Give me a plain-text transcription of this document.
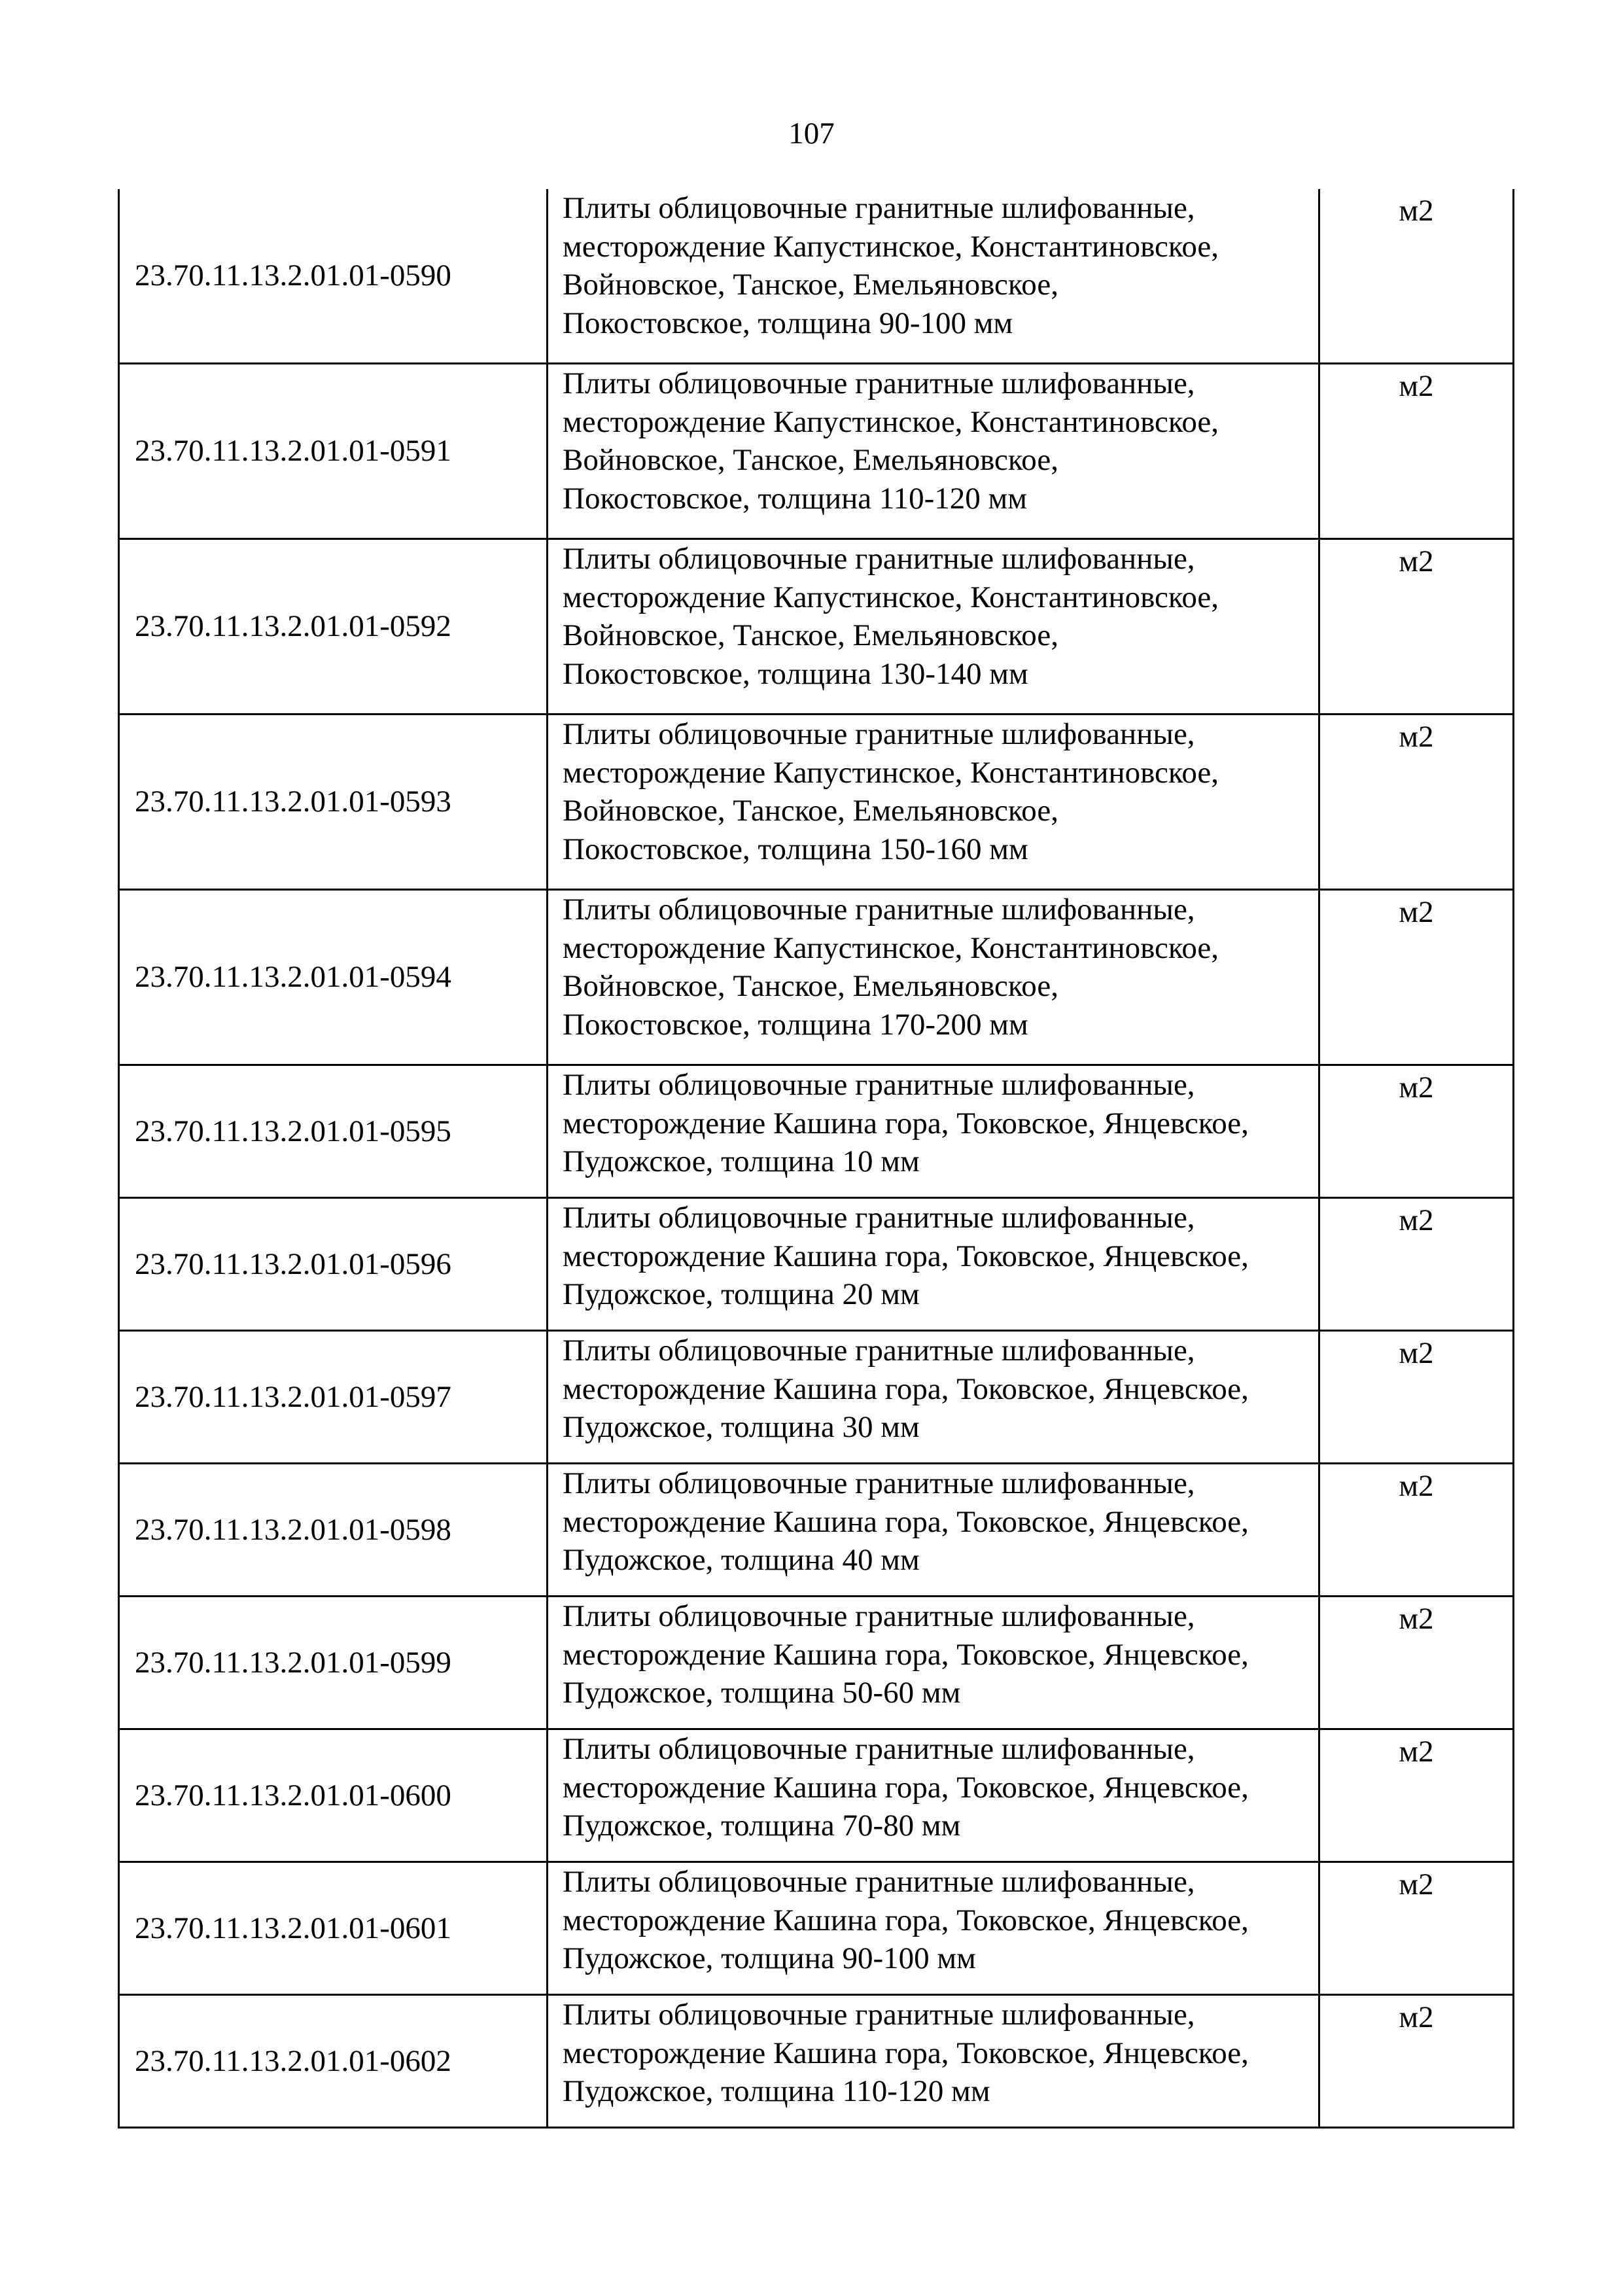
107
23.70.11.13.2.01.01-0590	Плиты облицовочные гранитные шлифованные,
месторождение Капустинское, Константиновское,
Войновское, Танское, Емельяновское,
Покостовское, толщина 90-100 мм	м2
23.70.11.13.2.01.01-0591	Плиты облицовочные гранитные шлифованные,
месторождение Капустинское, Константиновское,
Войновское, Танское, Емельяновское,
Покостовское, толщина 110-120 мм	м2
23.70.11.13.2.01.01-0592	Плиты облицовочные гранитные шлифованные,
месторождение Капустинское, Константиновское,
Войновское, Танское, Емельяновское,
Покостовское, толщина 130-140 мм	м2
23.70.11.13.2.01.01-0593	Плиты облицовочные гранитные шлифованные,
месторождение Капустинское, Константиновское,
Войновское, Танское, Емельяновское,
Покостовское, толщина 150-160 мм	м2
23.70.11.13.2.01.01-0594	Плиты облицовочные гранитные шлифованные,
месторождение Капустинское, Константиновское,
Войновское, Танское, Емельяновское,
Покостовское, толщина 170-200 мм	м2
23.70.11.13.2.01.01-0595	Плиты облицовочные гранитные шлифованные,
месторождение Кашина гора, Токовское, Янцевское,
Пудожское, толщина 10 мм	м2
23.70.11.13.2.01.01-0596	Плиты облицовочные гранитные шлифованные,
месторождение Кашина гора, Токовское, Янцевское,
Пудожское, толщина 20 мм	м2
23.70.11.13.2.01.01-0597	Плиты облицовочные гранитные шлифованные,
месторождение Кашина гора, Токовское, Янцевское,
Пудожское, толщина 30 мм	м2
23.70.11.13.2.01.01-0598	Плиты облицовочные гранитные шлифованные,
месторождение Кашина гора, Токовское, Янцевское,
Пудожское, толщина 40 мм	м2
23.70.11.13.2.01.01-0599	Плиты облицовочные гранитные шлифованные,
месторождение Кашина гора, Токовское, Янцевское,
Пудожское, толщина 50-60 мм	м2
23.70.11.13.2.01.01-0600	Плиты облицовочные гранитные шлифованные,
месторождение Кашина гора, Токовское, Янцевское,
Пудожское, толщина 70-80 мм	м2
23.70.11.13.2.01.01-0601	Плиты облицовочные гранитные шлифованные,
месторождение Кашина гора, Токовское, Янцевское,
Пудожское, толщина 90-100 мм	м2
23.70.11.13.2.01.01-0602	Плиты облицовочные гранитные шлифованные,
месторождение Кашина гора, Токовское, Янцевское,
Пудожское, толщина 110-120 мм	м2
